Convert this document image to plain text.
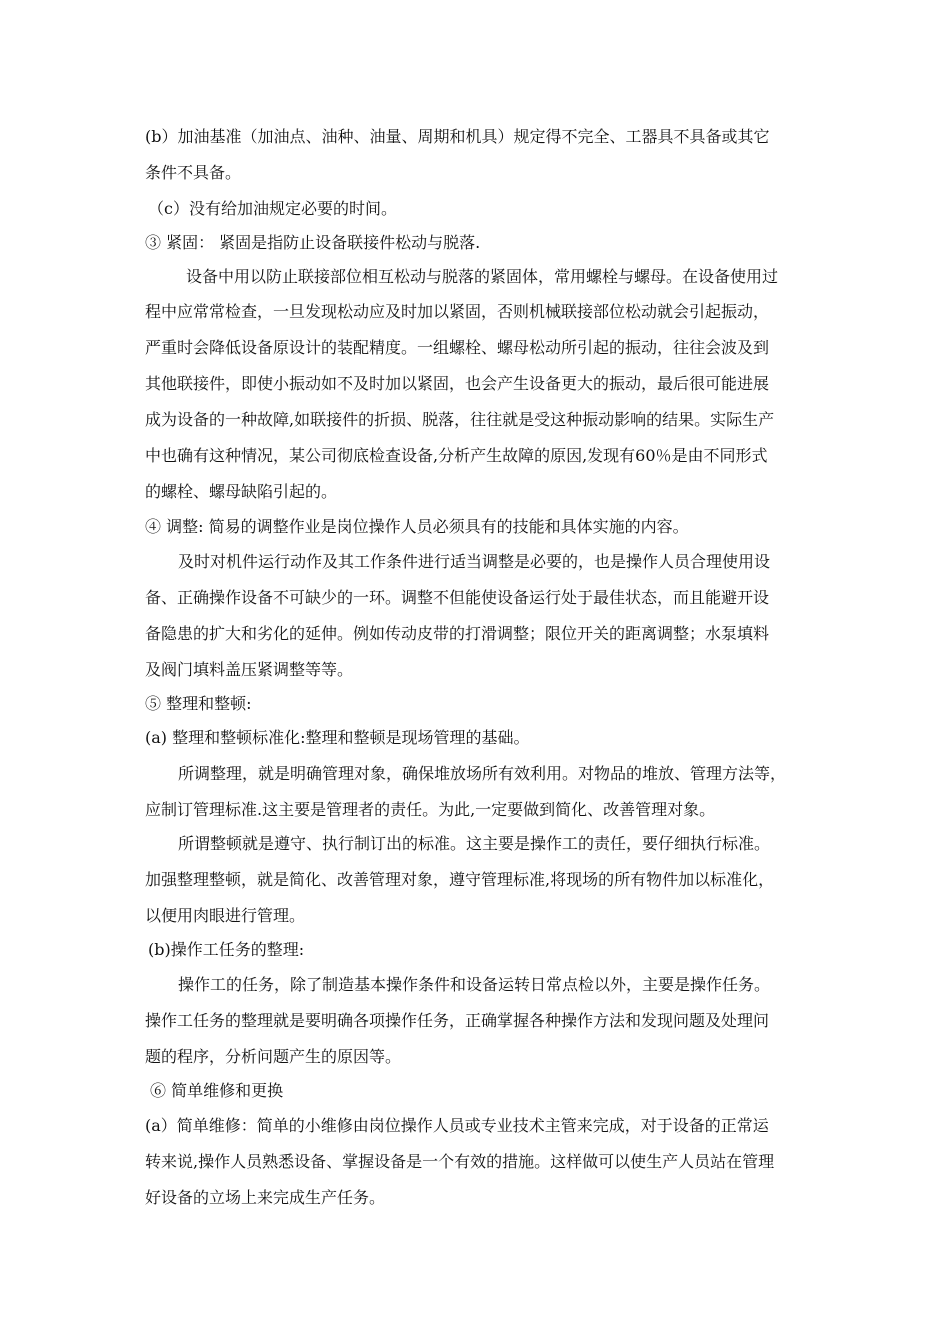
(b）加油基准（加油点、油种、油量、周期和机具）规定得不完全、工器具不具备或其它
条件不具备。
（c）没有给加油规定必要的时间。
③ 紧固： 紧固是指防止设备联接件松动与脱落.
设备中用以防止联接部位相互松动与脱落的紧固体，常用螺栓与螺母。在设备使用过
程中应常常检查，一旦发现松动应及时加以紧固，否则机械联接部位松动就会引起振动，
严重时会降低设备原设计的装配精度。一组螺栓、螺母松动所引起的振动，往往会波及到
其他联接件，即使小振动如不及时加以紧固，也会产生设备更大的振动，最后很可能进展
成为设备的一种故障,如联接件的折损、脱落，往往就是受这种振动影响的结果。实际生产
中也确有这种情况，某公司彻底检查设备,分析产生故障的原因,发现有60％是由不同形式
的螺栓、螺母缺陷引起的。
④ 调整: 简易的调整作业是岗位操作人员必须具有的技能和具体实施的内容。
及时对机件运行动作及其工作条件进行适当调整是必要的，也是操作人员合理使用设
备、正确操作设备不可缺少的一环。调整不但能使设备运行处于最佳状态，而且能避开设
备隐患的扩大和劣化的延伸。例如传动皮带的打滑调整；限位开关的距离调整；水泵填料
及阀门填料盖压紧调整等等。
⑤ 整理和整顿:
(a) 整理和整顿标准化:整理和整顿是现场管理的基础。
所调整理，就是明确管理对象，确保堆放场所有效利用。对物品的堆放、管理方法等，
应制订管理标准.这主要是管理者的责任。为此,一定要做到简化、改善管理对象。
所谓整顿就是遵守、执行制订出的标准。这主要是操作工的责任，要仔细执行标准。
加强整理整顿，就是简化、改善管理对象，遵守管理标准,将现场的所有物件加以标准化，
以便用肉眼进行管理。
(b)操作工任务的整理:
操作工的任务，除了制造基本操作条件和设备运转日常点检以外，主要是操作任务。
操作工任务的整理就是要明确各项操作任务，正确掌握各种操作方法和发现问题及处理问
题的程序，分析问题产生的原因等。
⑥ 简单维修和更换
(a）简单维修：简单的小维修由岗位操作人员或专业技术主管来完成，对于设备的正常运
转来说,操作人员熟悉设备、掌握设备是一个有效的措施。这样做可以使生产人员站在管理
好设备的立场上来完成生产任务。
